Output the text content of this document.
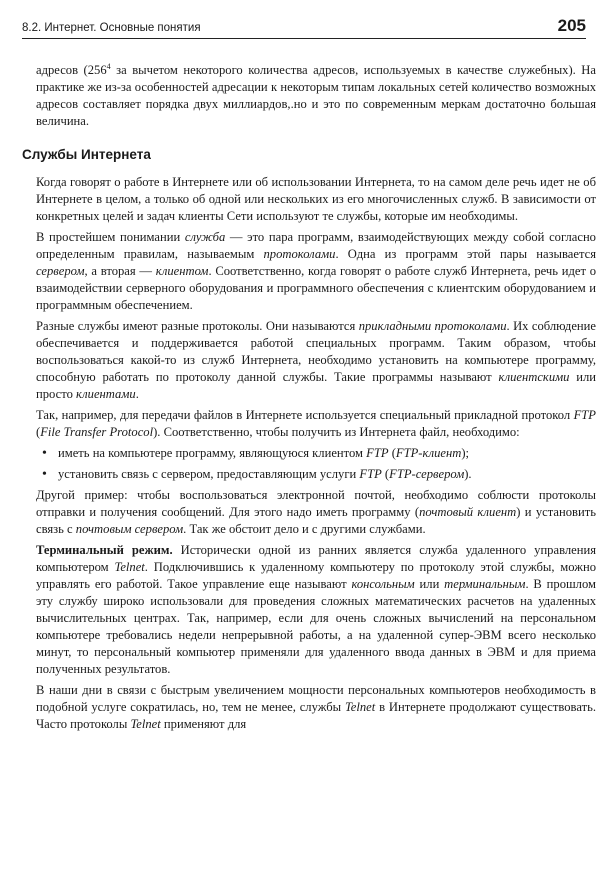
8.2. Интернет. Основные понятия	205

адресов ($256^4$ за вычетом некоторого количества адресов, используемых в качестве служебных). На практике же из-за особенностей адресации к некоторым типам локальных сетей количество возможных адресов составляет порядка двух миллиардов,.но и это по современным меркам достаточно большая величина.

Службы Интернета

Когда говорят о работе в Интернете или об использовании Интернета, то на самом деле речь идет не об Интернете в целом, а только об одной или нескольких из его многочисленных служб. В зависимости от конкретных целей и задач клиенты Сети используют те службы, которые им необходимы.

В простейшем понимании служба — это пара программ, взаимодействующих между собой согласно определенным правилам, называемым протоколами. Одна из программ этой пары называется сервером, а вторая — клиентом. Соответственно, когда говорят о работе служб Интернета, речь идет о взаимодействии серверного оборудования и программного обеспечения с клиентским оборудованием и программным обеспечением.

Разные службы имеют разные протоколы. Они называются прикладными протоколами. Их соблюдение обеспечивается и поддерживается работой специальных программ. Таким образом, чтобы воспользоваться какой-то из служб Интернета, необходимо установить на компьютере программу, способную работать по протоколу данной службы. Такие программы называют клиентскими или просто клиентами.

Так, например, для передачи файлов в Интернете используется специальный прикладной протокол FTP (File Transfer Protocol). Соответственно, чтобы получить из Интернета файл, необходимо:

• иметь на компьютере программу, являющуюся клиентом FTP (FTP-клиент);
• установить связь с сервером, предоставляющим услуги FTP (FTP-сервером).

Другой пример: чтобы воспользоваться электронной почтой, необходимо соблюсти протоколы отправки и получения сообщений. Для этого надо иметь программу (почтовый клиент) и установить связь с почтовым сервером. Так же обстоит дело и с другими службами.

Терминальный режим. Исторически одной из ранних является служба удаленного управления компьютером Telnet. Подключившись к удаленному компьютеру по протоколу этой службы, можно управлять его работой. Такое управление еще называют консольным или терминальным. В прошлом эту службу широко использовали для проведения сложных математических расчетов на удаленных вычислительных центрах. Так, например, если для очень сложных вычислений на персональном компьютере требовались недели непрерывной работы, а на удаленной супер-ЭВМ всего несколько минут, то персональный компьютер применяли для удаленного ввода данных в ЭВМ и для приема полученных результатов.

В наши дни в связи с быстрым увеличением мощности персональных компьютеров необходимость в подобной услуге сократилась, но, тем не менее, службы Telnet в Интернете продолжают существовать. Часто протоколы Telnet применяют для
